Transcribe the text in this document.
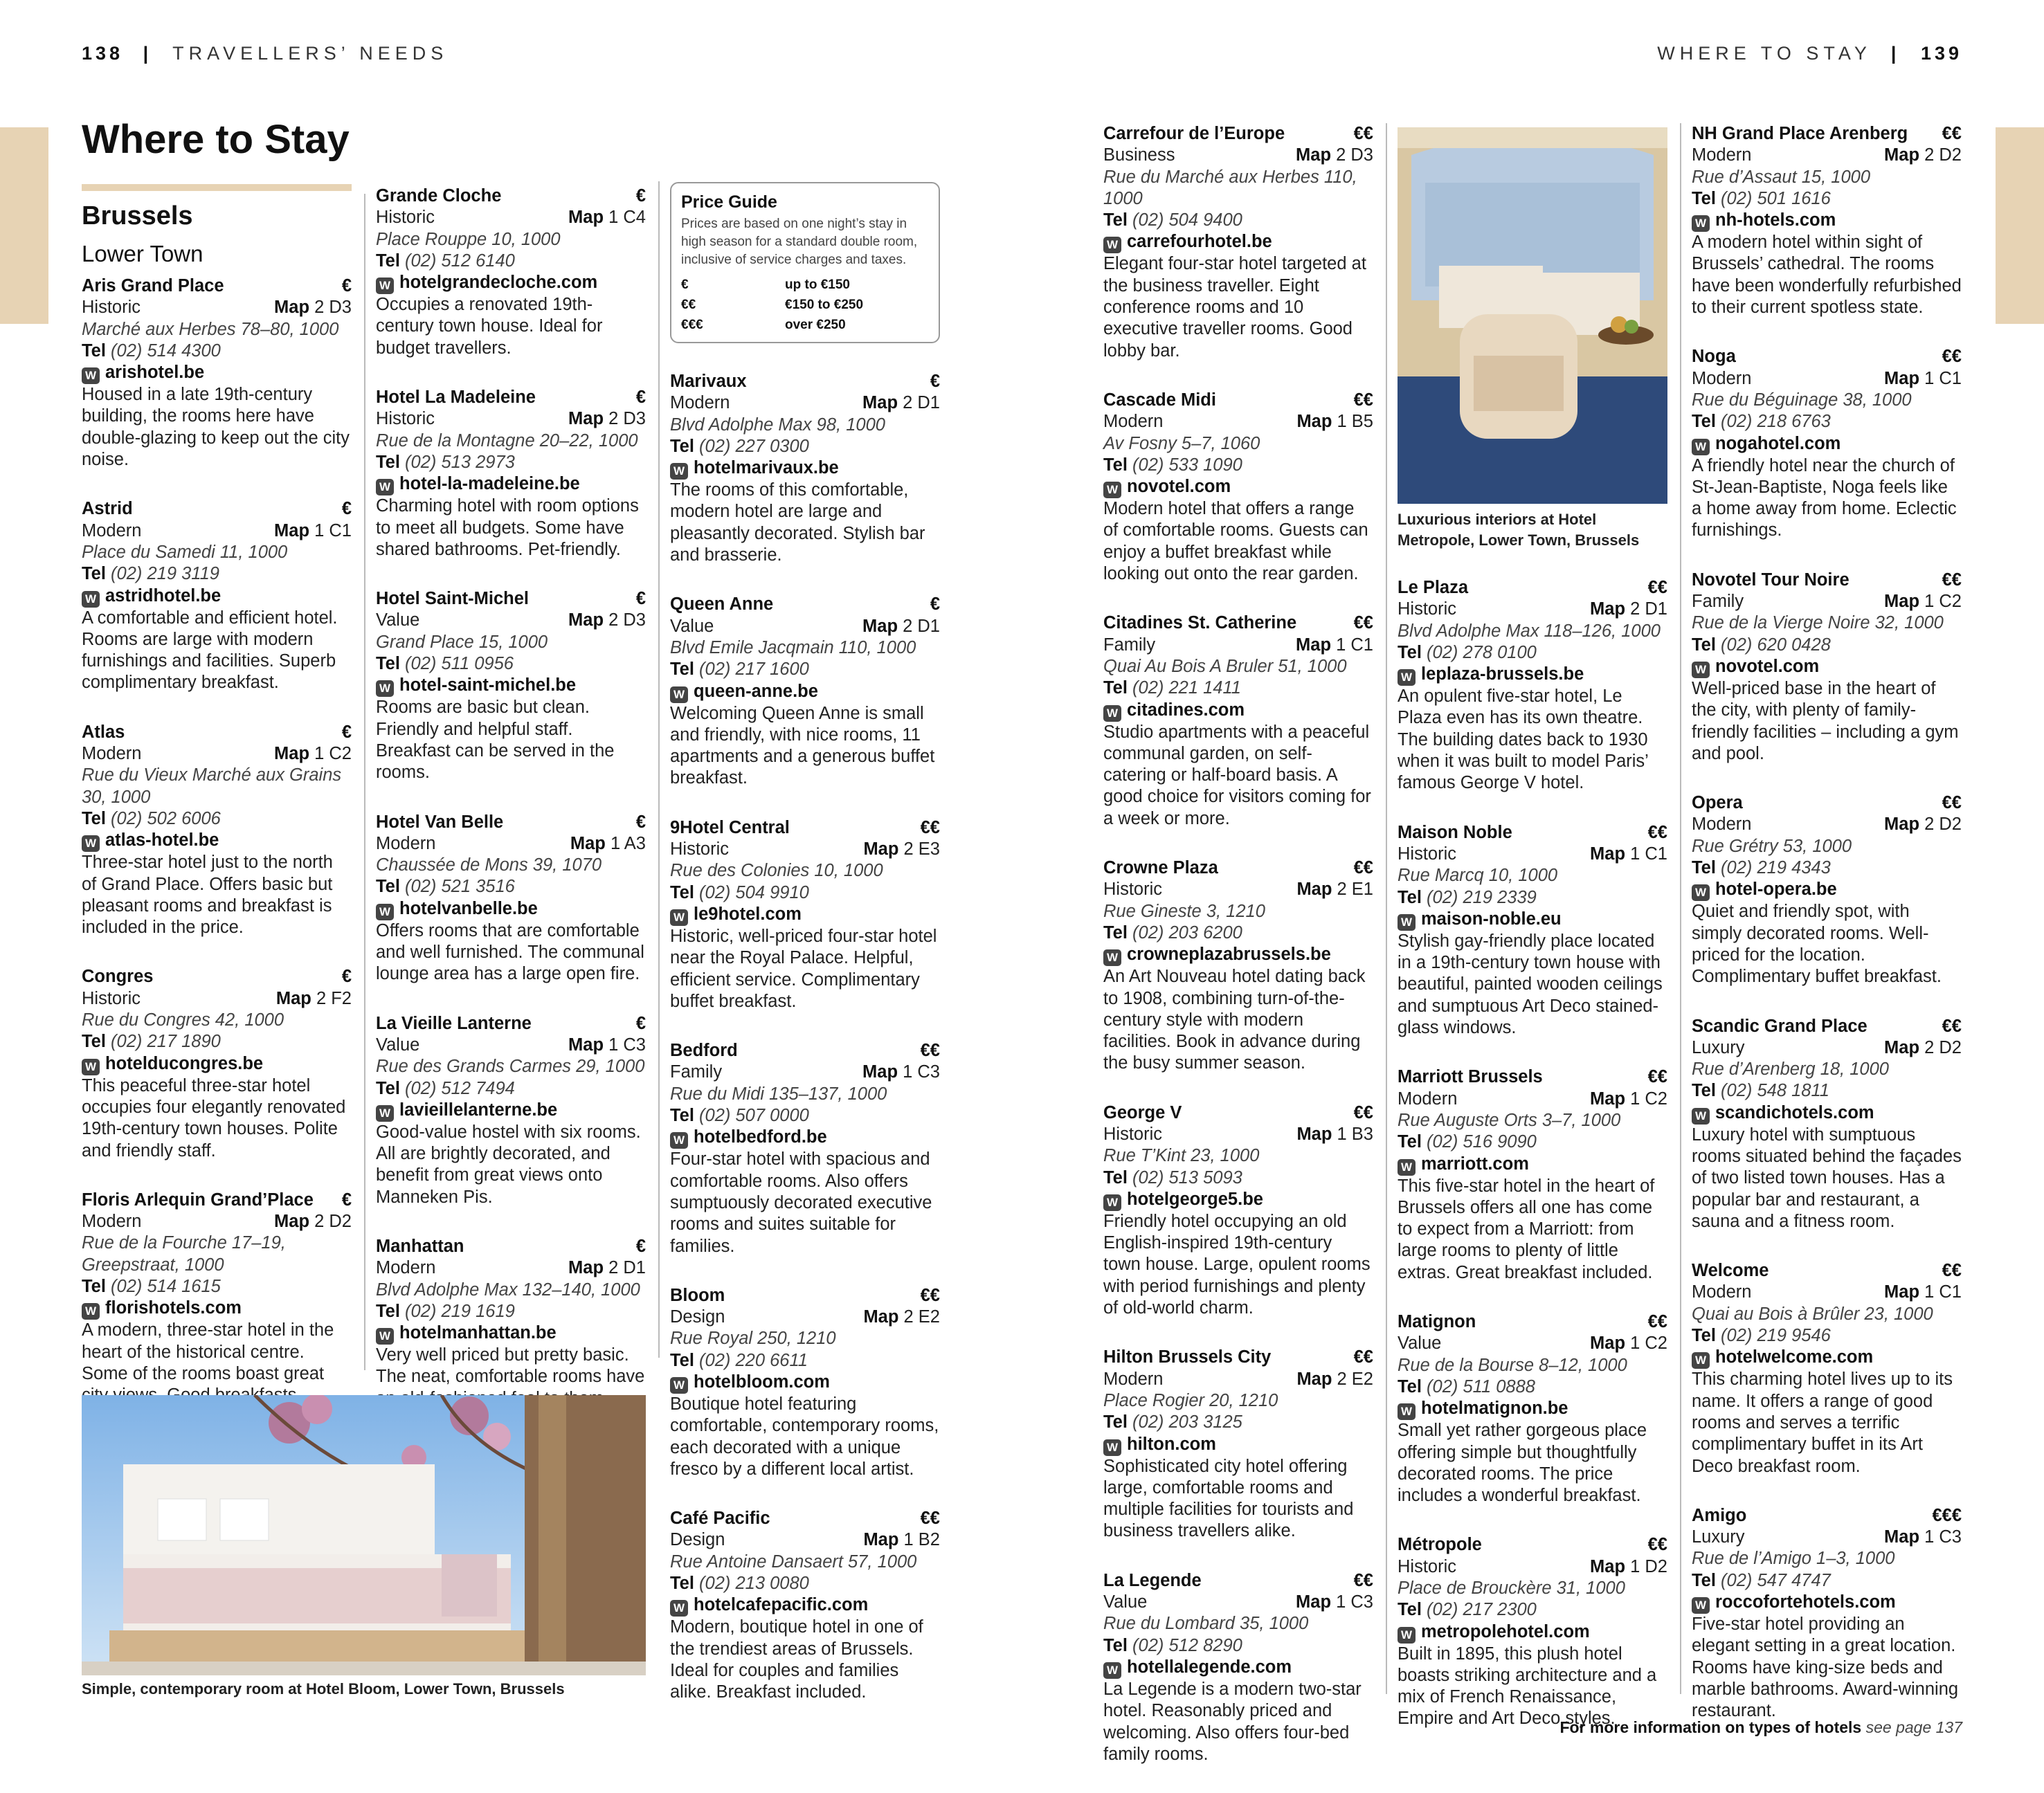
138 | TRAVELLERS’ NEEDS	WHERE TO STAY | 139
Where to Stay
Brussels
Lower Town
Aris Grand Place	€
Historic	Map 2 D3
Marché aux Herbes 78–80, 1000
Tel (02) 514 4300
W arishotel.be
Housed in a late 19th-century building, the rooms here have double-glazing to keep out the city noise.
Astrid	€
Modern	Map 1 C1
Place du Samedi 11, 1000
Tel (02) 219 3119
W astridhotel.be
A comfortable and efficient hotel. Rooms are large with modern furnishings and facilities. Superb complimentary breakfast.
Atlas	€
Modern	Map 1 C2
Rue du Vieux Marché aux Grains 30, 1000
Tel (02) 502 6006
W atlas-hotel.be
Three-star hotel just to the north of Grand Place. Offers basic but pleasant rooms and breakfast is included in the price.
Congres	€
Historic	Map 2 F2
Rue du Congres 42, 1000
Tel (02) 217 1890
W hotelducongres.be
This peaceful three-star hotel occupies four elegantly renovated 19th-century town houses. Polite and friendly staff.
Floris Arlequin Grand’Place €
Modern	Map 2 D2
Rue de la Fourche 17–19, Greepstraat, 1000
Tel (02) 514 1615
W florishotels.com
A modern, three-star hotel in the heart of the historical centre. Some of the rooms boast great
Grande Cloche	€
Historic	Map 1 C4
Place Rouppe 10, 1000
Tel (02) 512 6140
W hotelgrandecloche.com
Occupies a renovated 19th-century town house. Ideal for budget travellers.
Hotel La Madeleine	€
Historic	Map 2 D3
Rue de la Montagne 20–22, 1000
Tel (02) 513 2973
W hotel-la-madeleine.be
Charming hotel with room options to meet all budgets. Some have shared bathrooms. Pet-friendly.
Hotel Saint-Michel	€
Value	Map 2 D3
Grand Place 15, 1000
Tel (02) 511 0956
W hotel-saint-michel.be
Rooms are basic but clean. Friendly and helpful staff. Breakfast can be served in the rooms.
Hotel Van Belle	€
Modern	Map 1 A3
Chaussée de Mons 39, 1070
Tel (02) 521 3516
W hotelvanbelle.be
Offers rooms that are comfortable and well furnished. The communal lounge area has a large open fire.
La Vieille Lanterne	€
Value	Map 1 C3
Rue des Grands Carmes 29, 1000
Tel (02) 512 7494
W lavieillelanterne.be
Good-value hostel with six rooms. All are brightly decorated, and benefit from great views onto Manneken Pis.
Manhattan	€
Modern	Map 2 D1
Blvd Adolphe Max 132–140, 1000
Tel (02) 219 1619
W hotelmanhattan.be
Very well priced but pretty basic. The neat, comfortable rooms have
Price Guide
Prices are based on one night’s stay in high season for a standard double room, inclusive of service charges and taxes.
€	up to €150
€€	€150 to €250
€€€	over €250
Marivaux	€
Modern	Map 2 D1
Blvd Adolphe Max 98, 1000
Tel (02) 227 0300
W hotelmarivaux.be
The rooms of this comfortable, modern hotel are large and pleasantly decorated. Stylish bar and brasserie.
Queen Anne	€
Value	Map 2 D1
Blvd Emile Jacqmain 110, 1000
Tel (02) 217 1600
W queen-anne.be
Welcoming Queen Anne is small and friendly, with nice rooms, 11 apartments and a generous buffet breakfast.
9Hotel Central	€€
Historic	Map 2 E3
Rue des Colonies 10, 1000
Tel (02) 504 9910
W le9hotel.com
Historic, well-priced four-star hotel near the Royal Palace. Helpful, efficient service. Complimentary buffet breakfast.
Bedford	€€
Family	Map 1 C3
Rue du Midi 135–137, 1000
Tel (02) 507 0000
W hotelbedford.be
Four-star hotel with spacious and comfortable rooms. Also offers sumptuously decorated executive rooms and suites suitable for families.
Bloom	€€
Design	Map 2 E2
Rue Royal 250, 1210
Tel (02) 220 6611
W hotelbloom.com
Boutique hotel featuring comfortable, contemporary rooms, each decorated with a unique fresco by a different local artist.
Café Pacific	€€
Design	Map 1 B2
Rue Antoine Dansaert 57, 1000
Tel (02) 213 0080
W hotelcafepacific.com
Modern, boutique hotel in one of the trendiest areas of Brussels. Ideal for couples and families alike. Breakfast included.
Carrefour de l’Europe	€€
Business	Map 2 D3
Rue du Marché aux Herbes 110, 1000
Tel (02) 504 9400
W carrefourhotel.be
Elegant four-star hotel targeted at the business traveller. Eight conference rooms and 10 executive traveller rooms. Good lobby bar.
Cascade Midi	€€
Modern	Map 1 B5
Av Fosny 5–7, 1060
Tel (02) 533 1090
W novotel.com
Modern hotel that offers a range of comfortable rooms. Guests can enjoy a buffet breakfast while looking out onto the rear garden.
Citadines St. Catherine	€€
Family	Map 1 C1
Quai Au Bois A Bruler 51, 1000
Tel (02) 221 1411
W citadines.com
Studio apartments with a peaceful communal garden, on self-catering or half-board basis. A good choice for visitors coming for a week or more.
Crowne Plaza	€€
Historic	Map 2 E1
Rue Gineste 3, 1210
Tel (02) 203 6200
W crowneplazabrussels.be
An Art Nouveau hotel dating back to 1908, combining turn-of-the-century style with modern facilities. Book in advance during the busy summer season.
George V	€€
Historic	Map 1 B3
Rue T’Kint 23, 1000
Tel (02) 513 5093
W hotelgeorge5.be
Friendly hotel occupying an old English-inspired 19th-century town house. Large, opulent rooms with period furnishings and plenty of old-world charm.
Hilton Brussels City	€€
Modern	Map 2 E2
Place Rogier 20, 1210
Tel (02) 203 3125
W hilton.com
Sophisticated city hotel offering large, comfortable rooms and multiple facilities for tourists and business travellers alike.
La Legende	€€
Value	Map 1 C3
Rue du Lombard 35, 1000
Tel (02) 512 8290
W hotellalegende.com
La Legende is a modern two-star hotel. Reasonably priced and welcoming. Also offers four-bed family rooms.
Le Plaza	€€
Historic	Map 2 D1
Blvd Adolphe Max 118–126, 1000
Tel (02) 278 0100
W leplaza-brussels.be
An opulent five-star hotel, Le Plaza even has its own theatre. The building dates back to 1930 when it was built to model Paris’ famous George V hotel.
Maison Noble	€€
Historic	Map 1 C1
Rue Marcq 10, 1000
Tel (02) 219 2339
W maison-noble.eu
Stylish gay-friendly place located in a 19th-century town house with beautiful, painted wooden ceilings and sumptuous Art Deco stained-glass windows.
Marriott Brussels	€€
Modern	Map 1 C2
Rue Auguste Orts 3–7, 1000
Tel (02) 516 9090
W marriott.com
This five-star hotel in the heart of Brussels offers all one has come to expect from a Marriott: from large rooms to plenty of little extras. Great breakfast included.
Matignon	€€
Value	Map 1 C2
Rue de la Bourse 8–12, 1000
Tel (02) 511 0888
W hotelmatignon.be
Small yet rather gorgeous place offering simple but thoughtfully decorated rooms. The price includes a wonderful breakfast.
Métropole	€€
Historic	Map 1 D2
Place de Brouckère 31, 1000
Tel (02) 217 2300
W metropolehotel.com
Built in 1895, this plush hotel boasts striking architecture and a mix of French Renaissance, Empire and Art Deco styles.
NH Grand Place Arenberg €€
Modern	Map 2 D2
Rue d’Assaut 15, 1000
Tel (02) 501 1616
W nh-hotels.com
A modern hotel within sight of Brussels’ cathedral. The rooms have been wonderfully refurbished to their current spotless state.
Noga	€€
Modern	Map 1 C1
Rue du Béguinage 38, 1000
Tel (02) 218 6763
W nogahotel.com
A friendly hotel near the church of St-Jean-Baptiste, Noga feels like a home away from home. Eclectic furnishings.
Novotel Tour Noire	€€
Family	Map 1 C2
Rue de la Vierge Noire 32, 1000
Tel (02) 620 0428
W novotel.com
Well-priced base in the heart of the city, with plenty of family-friendly facilities – including a gym and pool.
Opera	€€
Modern	Map 2 D2
Rue Grétry 53, 1000
Tel (02) 219 4343
W hotel-opera.be
Quiet and friendly spot, with simply decorated rooms. Well-priced for the location. Complimentary buffet breakfast.
Scandic Grand Place	€€
Luxury	Map 2 D2
Rue d’Arenberg 18, 1000
Tel (02) 548 1811
W scandichotels.com
Luxury hotel with sumptuous rooms situated behind the façades of two listed town houses. Has a popular bar and restaurant, a sauna and a fitness room.
Welcome	€€
Modern	Map 1 C1
Quai au Bois à Brûler 23, 1000
Tel (02) 219 9546
W hotelwelcome.com
This charming hotel lives up to its name. It offers a range of good rooms and serves a terrific complimentary buffet in its Art Deco breakfast room.
Amigo	€€€
Luxury	Map 1 C3
Rue de l’Amigo 1–3, 1000
Tel (02) 547 4747
W roccofortehotels.com
Five-star hotel providing an elegant setting in a great location. Rooms have king-size beds and marble bathrooms. Award-winning restaurant.
Simple, contemporary room at Hotel Bloom, Lower Town, Brussels
Luxurious interiors at Hotel Metropole, Lower Town, Brussels
For more information on types of hotels see page 137
